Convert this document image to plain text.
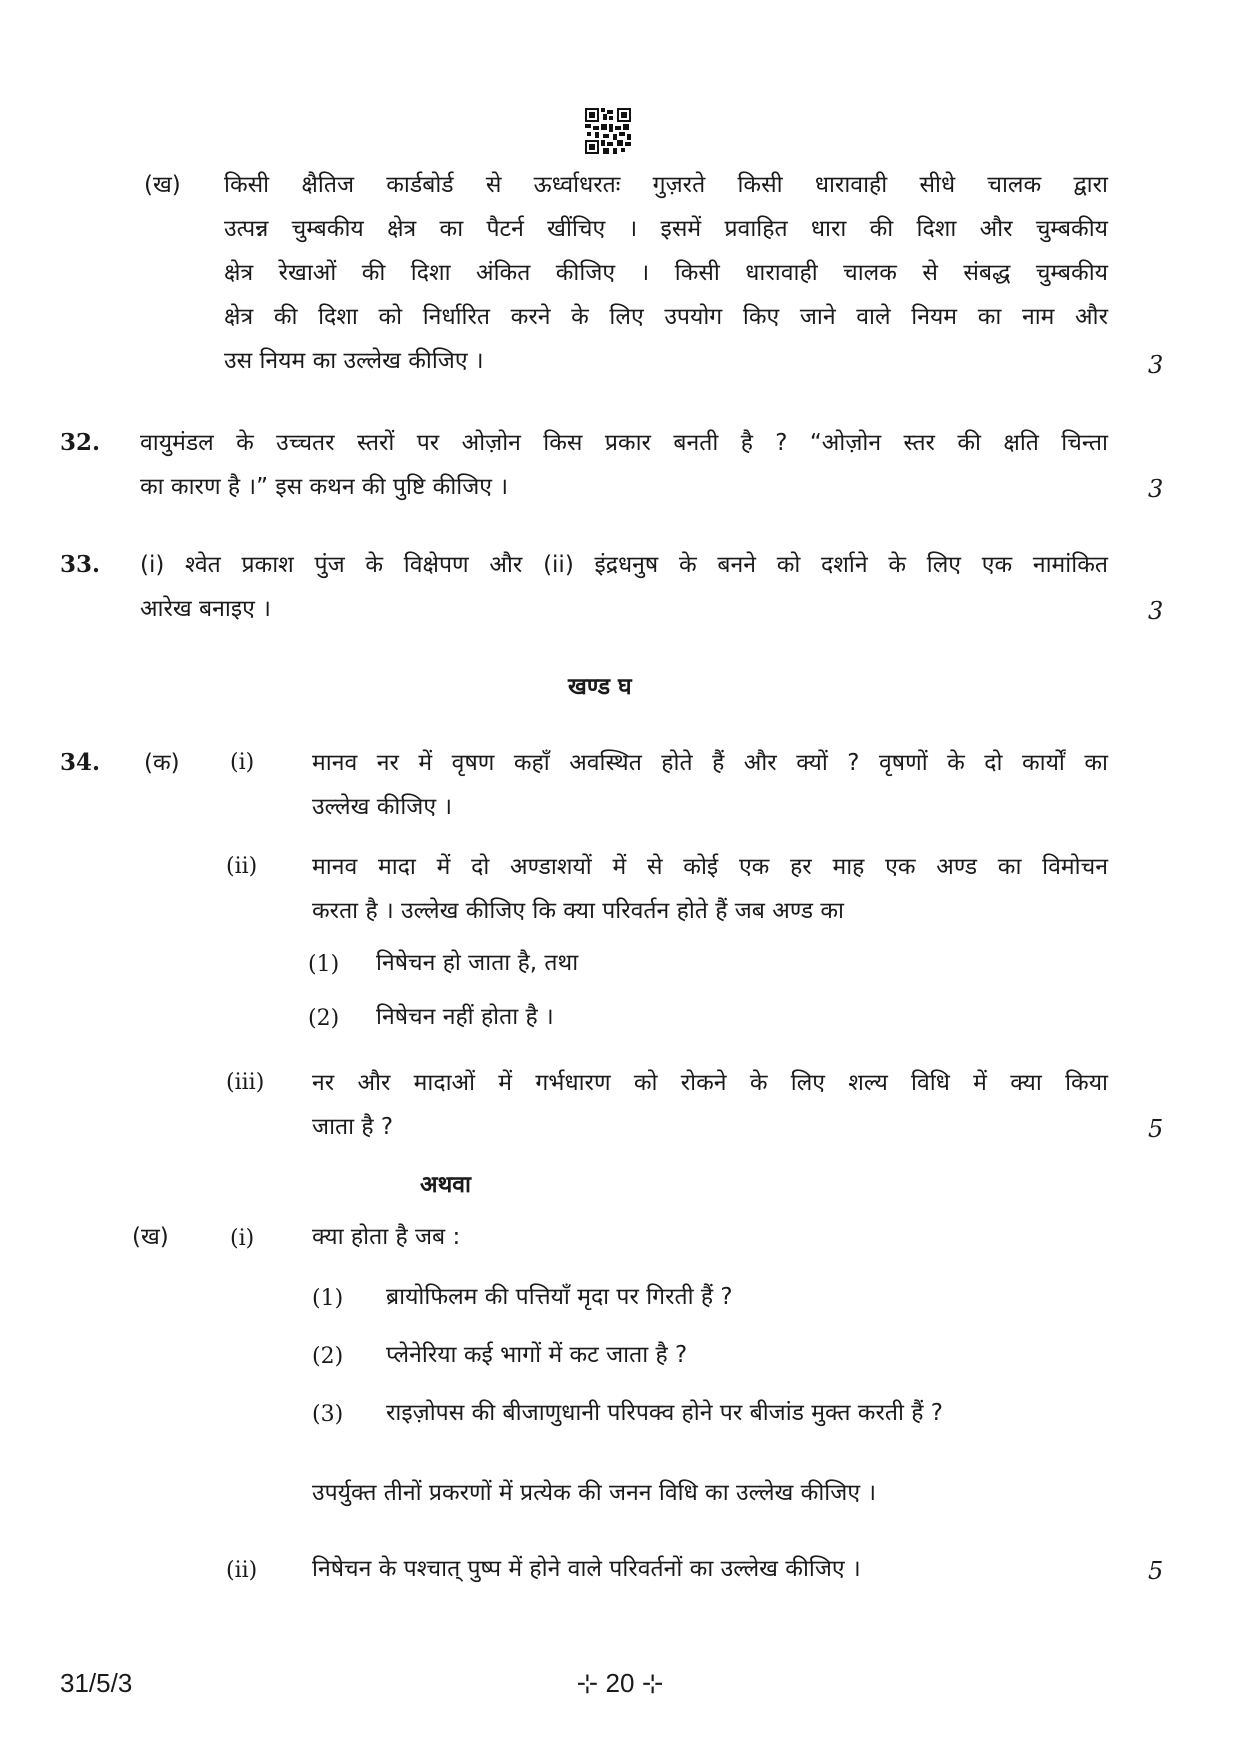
(ख) किसी क्षैतिज कार्डबोर्ड से ऊर्ध्वाधरतः गुज़रते किसी धारावाही सीधे चालक द्वारा
उत्पन्न चुम्बकीय क्षेत्र का पैटर्न खींचिए । इसमें प्रवाहित धारा की दिशा और चुम्बकीय
क्षेत्र रेखाओं की दिशा अंकित कीजिए । किसी धारावाही चालक से संबद्ध चुम्बकीय
क्षेत्र की दिशा को निर्धारित करने के लिए उपयोग किए जाने वाले नियम का नाम और
उस नियम का उल्लेख कीजिए ।	3
32. वायुमंडल के उच्चतर स्तरों पर ओज़ोन किस प्रकार बनती है ? “ओज़ोन स्तर की क्षति चिन्ता
का कारण है ।” इस कथन की पुष्टि कीजिए ।	3
33. (i) श्वेत प्रकाश पुंज के विक्षेपण और (ii) इंद्रधनुष के बनने को दर्शाने के लिए एक नामांकित
आरेख बनाइए ।	3
खण्ड घ
34. (क) (i)	मानव नर में वृषण कहाँ अवस्थित होते हैं और क्यों ? वृषणों के दो कार्यों का
उल्लेख कीजिए ।
(ii) मानव मादा में दो अण्डाशयों में से कोई एक हर माह एक अण्ड का विमोचन
करता है । उल्लेख कीजिए कि क्या परिवर्तन होते हैं जब अण्ड का
(1) निषेचन हो जाता है, तथा
(2) निषेचन नहीं होता है ।
(iii) नर और मादाओं में गर्भधारण को रोकने के लिए शल्य विधि में क्या किया
जाता है ?	5
अथवा
(ख)	(i)	क्या होता है जब :
(1) ब्रायोफिलम की पत्तियाँ मृदा पर गिरती हैं ?
(2) प्लेनेरिया कई भागों में कट जाता है ?
(3) राइज़ोपस की बीजाणुधानी परिपक्व होने पर बीजांड मुक्त करती हैं ?
उपर्युक्त तीनों प्रकरणों में प्रत्येक की जनन विधि का उल्लेख कीजिए ।
(ii) निषेचन के पश्चात् पुष्प में होने वाले परिवर्तनों का उल्लेख कीजिए ।	5
31/5/3	⊹ 20 ⊹
